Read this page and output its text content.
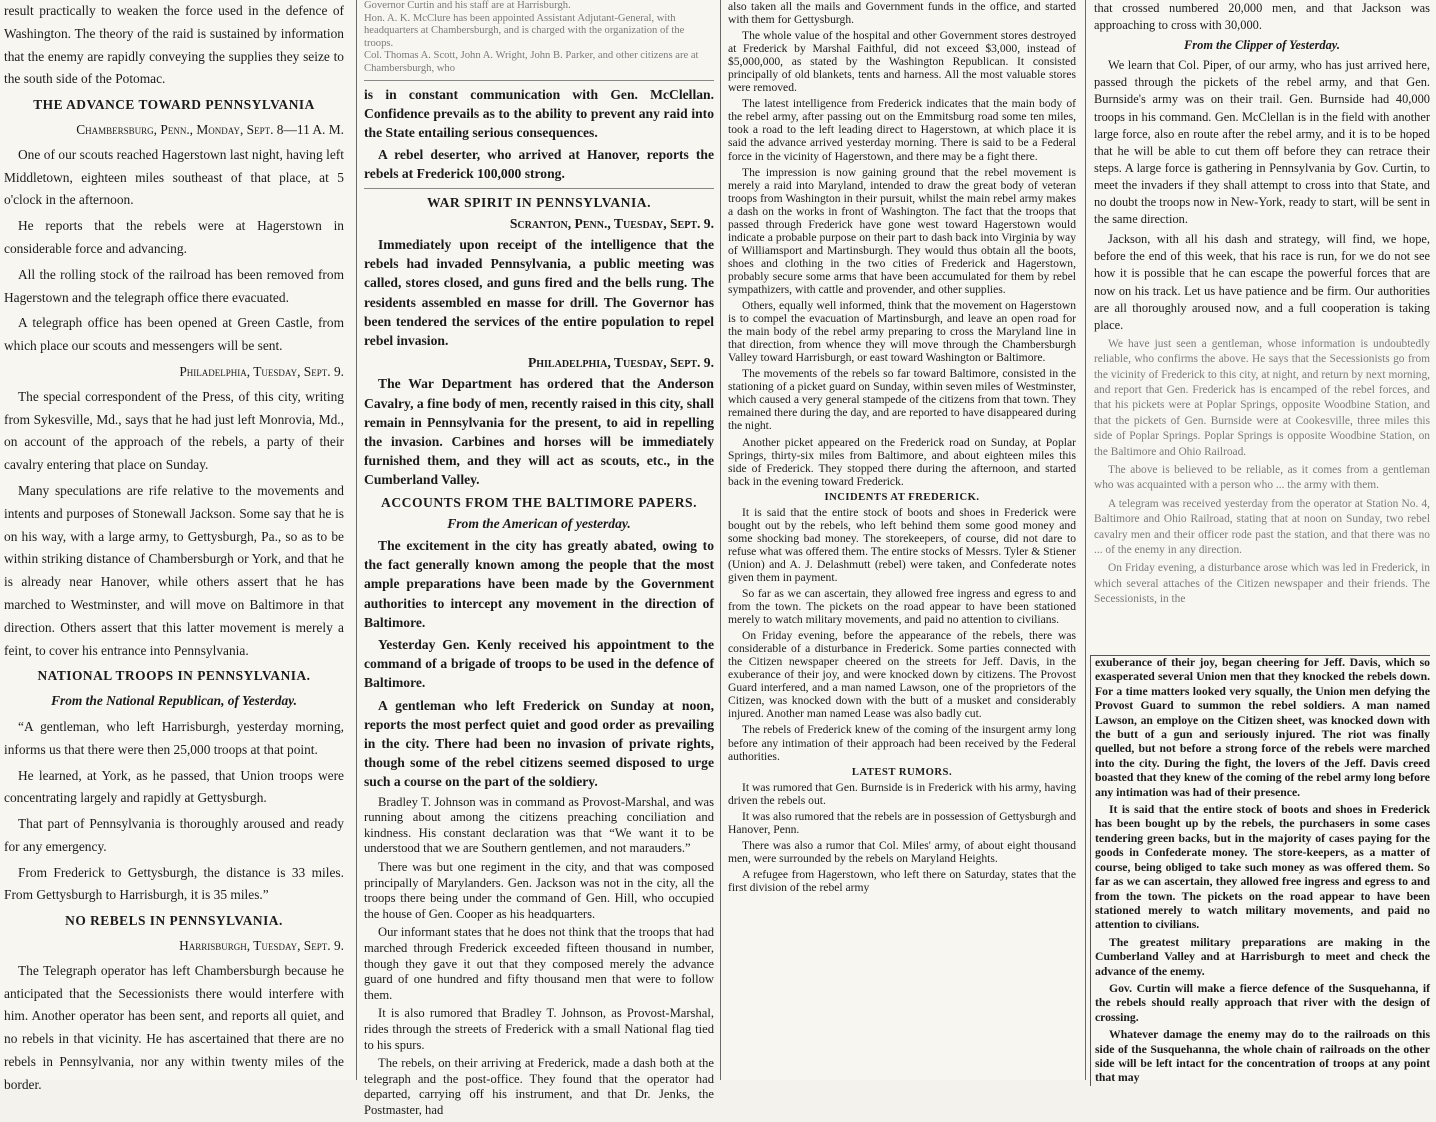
result practically to weaken the force used in the defence of Washington. The theory of the raid is sustained by information that the enemy are rapidly conveying the supplies they seize to the south side of the Potomac.

THE ADVANCE TOWARD PENNSYLVANIA
Chambersburg, Penn., Monday, Sept. 8—11 A. M.

One of our scouts reached Hagerstown last night, having left Middletown, eighteen miles southeast of that place, at 5 o'clock in the afternoon.

He reports that the rebels were at Hagerstown in considerable force and advancing.

All the rolling stock of the railroad has been removed from Hagerstown and the telegraph office there evacuated.

A telegraph office has been opened at Green Castle, from which place our scouts and messengers will be sent.

Philadelphia, Tuesday, Sept. 9.

The special correspondent of the Press, of this city, writing from Sykesville, Md., says that he had just left Monrovia, Md., on account of the approach of the rebels, a party of their cavalry entering that place on Sunday.

Many speculations are rife relative to the movements and intents and purposes of Stonewall Jackson. Some say that he is on his way, with a large army, to Gettysburgh, Pa., so as to be within striking distance of Chambersburgh or York, and that he is already near Hanover, while others assert that he has marched to Westminster, and will move on Baltimore in that direction. Others assert that this latter movement is merely a feint, to cover his entrance into Pennsylvania.

NATIONAL TROOPS IN PENNSYLVANIA.
From the National Republican, of Yesterday.

“A gentleman, who left Harrisburgh, yesterday morning, informs us that there were then 25,000 troops at that point.

He learned, at York, as he passed, that Union troops were concentrating largely and rapidly at Gettysburgh.

That part of Pennsylvania is thoroughly aroused and ready for any emergency.

From Frederick to Gettysburgh, the distance is 33 miles. From Gettysburgh to Harrisburgh, it is 35 miles.”

NO REBELS IN PENNSYLVANIA.
Harrisburgh, Tuesday, Sept. 9.

The Telegraph operator has left Chambersburgh because he anticipated that the Secessionists there would interfere with him. Another operator has been sent, and reports all quiet, and no rebels in that vicinity. He has ascertained that there are no rebels in Pennsylvania, nor any within twenty miles of the border.

Governor Curtin and his staff are at Harrisburgh.
Hon. A. K. McClure has been appointed Assistant Adjutant-General, with headquarters at Chambersburgh, and is charged with the organization of the troops.
Col. Thomas A. Scott, John A. Wright, John B. Parker, and other citizens are at Chambersburgh, who

is in constant communication with Gen. McClellan. Confidence prevails as to the ability to prevent any raid into the State entailing serious consequences.

A rebel deserter, who arrived at Hanover, reports the rebels at Frederick 100,000 strong.

WAR SPIRIT IN PENNSYLVANIA.
Scranton, Penn., Tuesday, Sept. 9.

Immediately upon receipt of the intelligence that the rebels had invaded Pennsylvania, a public meeting was called, stores closed, and guns fired and the bells rung. The residents assembled en masse for drill. The Governor has been tendered the services of the entire population to repel rebel invasion.

Philadelphia, Tuesday, Sept. 9.

The War Department has ordered that the Anderson Cavalry, a fine body of men, recently raised in this city, shall remain in Pennsylvania for the present, to aid in repelling the invasion. Carbines and horses will be immediately furnished them, and they will act as scouts, etc., in the Cumberland Valley.

ACCOUNTS FROM THE BALTIMORE PAPERS.
From the American of yesterday.

The excitement in the city has greatly abated, owing to the fact generally known among the people that the most ample preparations have been made by the Government authorities to intercept any movement in the direction of Baltimore.

Yesterday Gen. Kenly received his appointment to the command of a brigade of troops to be used in the defence of Baltimore.

A gentleman who left Frederick on Sunday at noon, reports the most perfect quiet and good order as prevailing in the city. There had been no invasion of private rights, though some of the rebel citizens seemed disposed to urge such a course on the part of the soldiery.

Bradley T. Johnson was in command as Provost-Marshal, and was running about among the citizens preaching conciliation and kindness. His constant declaration was that “We want it to be understood that we are Southern gentlemen, and not marauders.”

There was but one regiment in the city, and that was composed principally of Marylanders. Gen. Jackson was not in the city, all the troops there being under the command of Gen. Hill, who occupied the house of Gen. Cooper as his headquarters.

Our informant states that he does not think that the troops that had marched through Frederick exceeded fifteen thousand in number, though they gave it out that they composed merely the advance guard of one hundred and fifty thousand men that were to follow them.

It is also rumored that Bradley T. Johnson, as Provost-Marshal, rides through the streets of Frederick with a small National flag tied to his spurs.

The rebels, on their arriving at Frederick, made a dash both at the telegraph and the post-office. They found that the operator had departed, carrying off his instrument, and that Dr. Jenks, the Postmaster, had

also taken all the mails and Government funds in the office, and started with them for Gettysburgh.

The whole value of the hospital and other Government stores destroyed at Frederick by Marshal Faithful, did not exceed $3,000, instead of $5,000,000, as stated by the Washington Republican. It consisted principally of old blankets, tents and harness. All the most valuable stores were removed.

The latest intelligence from Frederick indicates that the main body of the rebel army, after passing out on the Emmitsburg road some ten miles, took a road to the left leading direct to Hagerstown, at which place it is said the advance arrived yesterday morning. There is said to be a Federal force in the vicinity of Hagerstown, and there may be a fight there.

The impression is now gaining ground that the rebel movement is merely a raid into Maryland, intended to draw the great body of veteran troops from Washington in their pursuit, whilst the main rebel army makes a dash on the works in front of Washington. The fact that the troops that passed through Frederick have gone west toward Hagerstown would indicate a probable purpose on their part to dash back into Virginia by way of Williamsport and Martinsburgh. They would thus obtain all the boots, shoes and clothing in the two cities of Frederick and Hagerstown, probably secure some arms that have been accumulated for them by rebel sympathizers, with cattle and provender, and other supplies.

Others, equally well informed, think that the movement on Hagerstown is to compel the evacuation of Martinsburgh, and leave an open road for the main body of the rebel army preparing to cross the Maryland line in that direction, from whence they will move through the Chambersburgh Valley toward Harrisburgh, or east toward Washington or Baltimore.

The movements of the rebels so far toward Baltimore, consisted in the stationing of a picket guard on Sunday, within seven miles of Westminster, which caused a very general stampede of the citizens from that town. They remained there during the day, and are reported to have disappeared during the night.

Another picket appeared on the Frederick road on Sunday, at Poplar Springs, thirty-six miles from Baltimore, and about eighteen miles this side of Frederick. They stopped there during the afternoon, and started back in the evening toward Frederick.

INCIDENTS AT FREDERICK.

It is said that the entire stock of boots and shoes in Frederick were bought out by the rebels, who left behind them some good money and some shocking bad money. The storekeepers, of course, did not dare to refuse what was offered them. The entire stocks of Messrs. Tyler & Stiener (Union) and A. J. Delashmutt (rebel) were taken, and Confederate notes given them in payment.

So far as we can ascertain, they allowed free ingress and egress to and from the town. The pickets on the road appear to have been stationed merely to watch military movements, and paid no attention to civilians.

On Friday evening, before the appearance of the rebels, there was considerable of a disturbance in Frederick. Some parties connected with the Citizen newspaper cheered on the streets for Jeff. Davis, in the exuberance of their joy, and were knocked down by citizens. The Provost Guard interfered, and a man named Lawson, one of the proprietors of the Citizen, was knocked down with the butt of a musket and considerably injured. Another man named Lease was also badly cut.

The rebels of Frederick knew of the coming of the insurgent army long before any intimation of their approach had been received by the Federal authorities.

LATEST RUMORS.

It was rumored that Gen. Burnside is in Frederick with his army, having driven the rebels out.

It was also rumored that the rebels are in possession of Gettysburgh and Hanover, Penn.

There was also a rumor that Col. Miles' army, of about eight thousand men, were surrounded by the rebels on Maryland Heights.

A refugee from Hagerstown, who left there on Saturday, states that the first division of the rebel army

that crossed numbered 20,000 men, and that Jackson was approaching to cross with 30,000.

From the Clipper of Yesterday.

We learn that Col. Piper, of our army, who has just arrived here, passed through the pickets of the rebel army, and that Gen. Burnside's army was on their trail. Gen. Burnside had 40,000 troops in his command. Gen. McClellan is in the field with another large force, also en route after the rebel army, and it is to be hoped that he will be able to cut them off before they can retrace their steps. A large force is gathering in Pennsylvania by Gov. Curtin, to meet the invaders if they shall attempt to cross into that State, and no doubt the troops now in New-York, ready to start, will be sent in the same direction.

Jackson, with all his dash and strategy, will find, we hope, before the end of this week, that his race is run, for we do not see how it is possible that he can escape the powerful forces that are now on his track. Let us have patience and be firm. Our authorities are all thoroughly aroused now, and a full cooperation is taking place.

We have just seen a gentleman, whose information is undoubtedly reliable, who confirms the above. He says that the Secessionists go from the vicinity of Frederick to this city, at night, and return by next morning, and report that Gen. Frederick has is encamped of the rebel forces, and that his pickets were at Poplar Springs, opposite Woodbine Station, and that the pickets of Gen. Burnside were at Cookesville, three miles this side of Poplar Springs. Poplar Springs is opposite Woodbine Station, on the Baltimore and Ohio Railroad.

The above is believed to be reliable, as it comes from a gentleman who was acquainted with a person who ... the army with them.

A telegram was received yesterday from the operator at Station No. 4, Baltimore and Ohio Railroad, stating that at noon on Sunday, two rebel cavalry men and their officer rode past the station, and that there was no ... of the enemy in any direction.

On Friday evening, a disturbance arose which was led in Frederick, in which several attaches of the Citizen newspaper and their friends. The Secessionists, in the

exuberance of their joy, began cheering for Jeff. Davis, which so exasperated several Union men that they knocked the rebels down. For a time matters looked very squally, the Union men defying the Provost Guard to summon the rebel soldiers. A man named Lawson, an employe on the Citizen sheet, was knocked down with the butt of a gun and seriously injured. The riot was finally quelled, but not before a strong force of the rebels were marched into the city. During the fight, the lovers of the Jeff. Davis creed boasted that they knew of the coming of the rebel army long before any intimation was had of their presence.

It is said that the entire stock of boots and shoes in Frederick has been bought up by the rebels, the purchasers in some cases tendering green backs, but in the majority of cases paying for the goods in Confederate money. The store-keepers, as a matter of course, being obliged to take such money as was offered them. So far as we can ascertain, they allowed free ingress and egress to and from the town. The pickets on the road appear to have been stationed merely to watch military movements, and paid no attention to civilians.

The greatest military preparations are making in the Cumberland Valley and at Harrisburgh to meet and check the advance of the enemy.

Gov. Curtin will make a fierce defence of the Susquehanna, if the rebels should really approach that river with the design of crossing.

Whatever damage the enemy may do to the railroads on this side of the Susquehanna, the whole chain of railroads on the other side will be left intact for the concentration of troops at any point that may
